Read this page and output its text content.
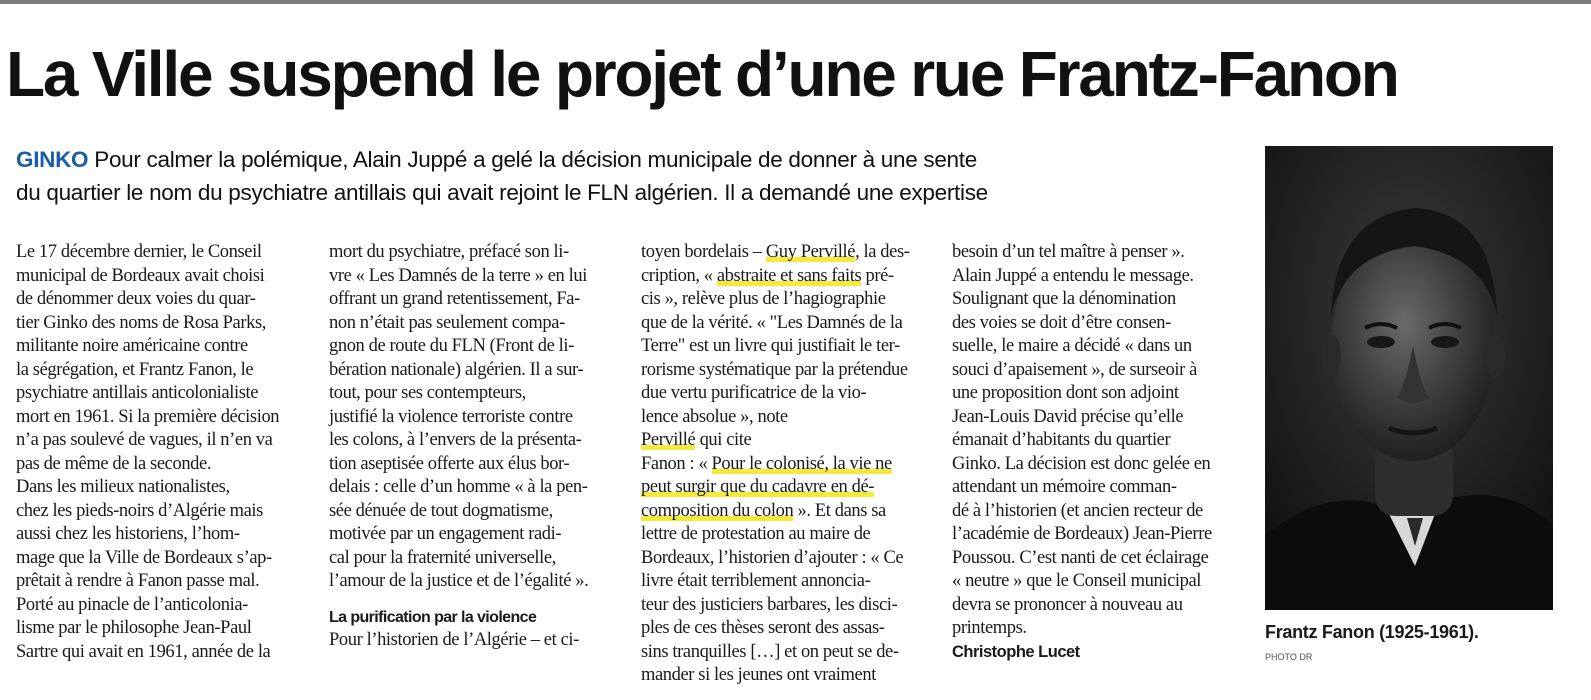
La Ville suspend le projet d’une rue Frantz-Fanon
GINKO Pour calmer la polémique, Alain Juppé a gelé la décision municipale de donner à une sente
du quartier le nom du psychiatre antillais qui avait rejoint le FLN algérien. Il a demandé une expertise
Le 17 décembre dernier, le Conseil
municipal de Bordeaux avait choisi
de dénommer deux voies du quar-
tier Ginko des noms de Rosa Parks,
militante noire américaine contre
la ségrégation, et Frantz Fanon, le
psychiatre antillais anticolonialiste
mort en 1961. Si la première décision
n’a pas soulevé de vagues, il n’en va
pas de même de la seconde.
Dans les milieux nationalistes,
chez les pieds-noirs d’Algérie mais
aussi chez les historiens, l’hom-
mage que la Ville de Bordeaux s’ap-
prêtait à rendre à Fanon passe mal.
Porté au pinacle de l’anticolonia-
lisme par le philosophe Jean-Paul
Sartre qui avait en 1961, année de la
mort du psychiatre, préfacé son li-
vre « Les Damnés de la terre » en lui
offrant un grand retentissement, Fa-
non n’était pas seulement compa-
gnon de route du FLN (Front de li-
bération nationale) algérien. Il a sur-
tout, pour ses contempteurs,
justifié la violence terroriste contre
les colons, à l’envers de la présenta-
tion aseptisée offerte aux élus bor-
delais : celle d’un homme « à la pen-
sée dénuée de tout dogmatisme,
motivée par un engagement radi-
cal pour la fraternité universelle,
l’amour de la justice et de l’égalité ».
La purification par la violence
Pour l’historien de l’Algérie – et ci-
toyen bordelais – Guy Pervillé, la des-
cription, « abstraite et sans faits pré-
cis », relève plus de l’hagiographie
que de la vérité. « "Les Damnés de la
Terre" est un livre qui justifiait le ter-
rorisme systématique par la prétendue
due vertu purificatrice de la vio-
lence absolue », note
Pervillé qui cite
Fanon : « Pour le colonisé, la vie ne
peut surgir que du cadavre en dé-
composition du colon ». Et dans sa
lettre de protestation au maire de
Bordeaux, l’historien d’ajouter : « Ce
livre était terriblement annoncia-
teur des justiciers barbares, les disci-
ples de ces thèses seront des assas-
sins tranquilles […] et on peut se de-
mander si les jeunes ont vraiment
besoin d’un tel maître à penser ».
Alain Juppé a entendu le message.
Soulignant que la dénomination
des voies se doit d’être consen-
suelle, le maire a décidé « dans un
souci d’apaisement », de surseoir à
une proposition dont son adjoint
Jean-Louis David précise qu’elle
émanait d’habitants du quartier
Ginko. La décision est donc gelée en
attendant un mémoire comman-
dé à l’historien (et ancien recteur de
l’académie de Bordeaux) Jean-Pierre
Poussou. C’est nanti de cet éclairage
« neutre » que le Conseil municipal
devra se prononcer à nouveau au
printemps.
Christophe Lucet
Frantz Fanon (1925-1961).
PHOTO DR
